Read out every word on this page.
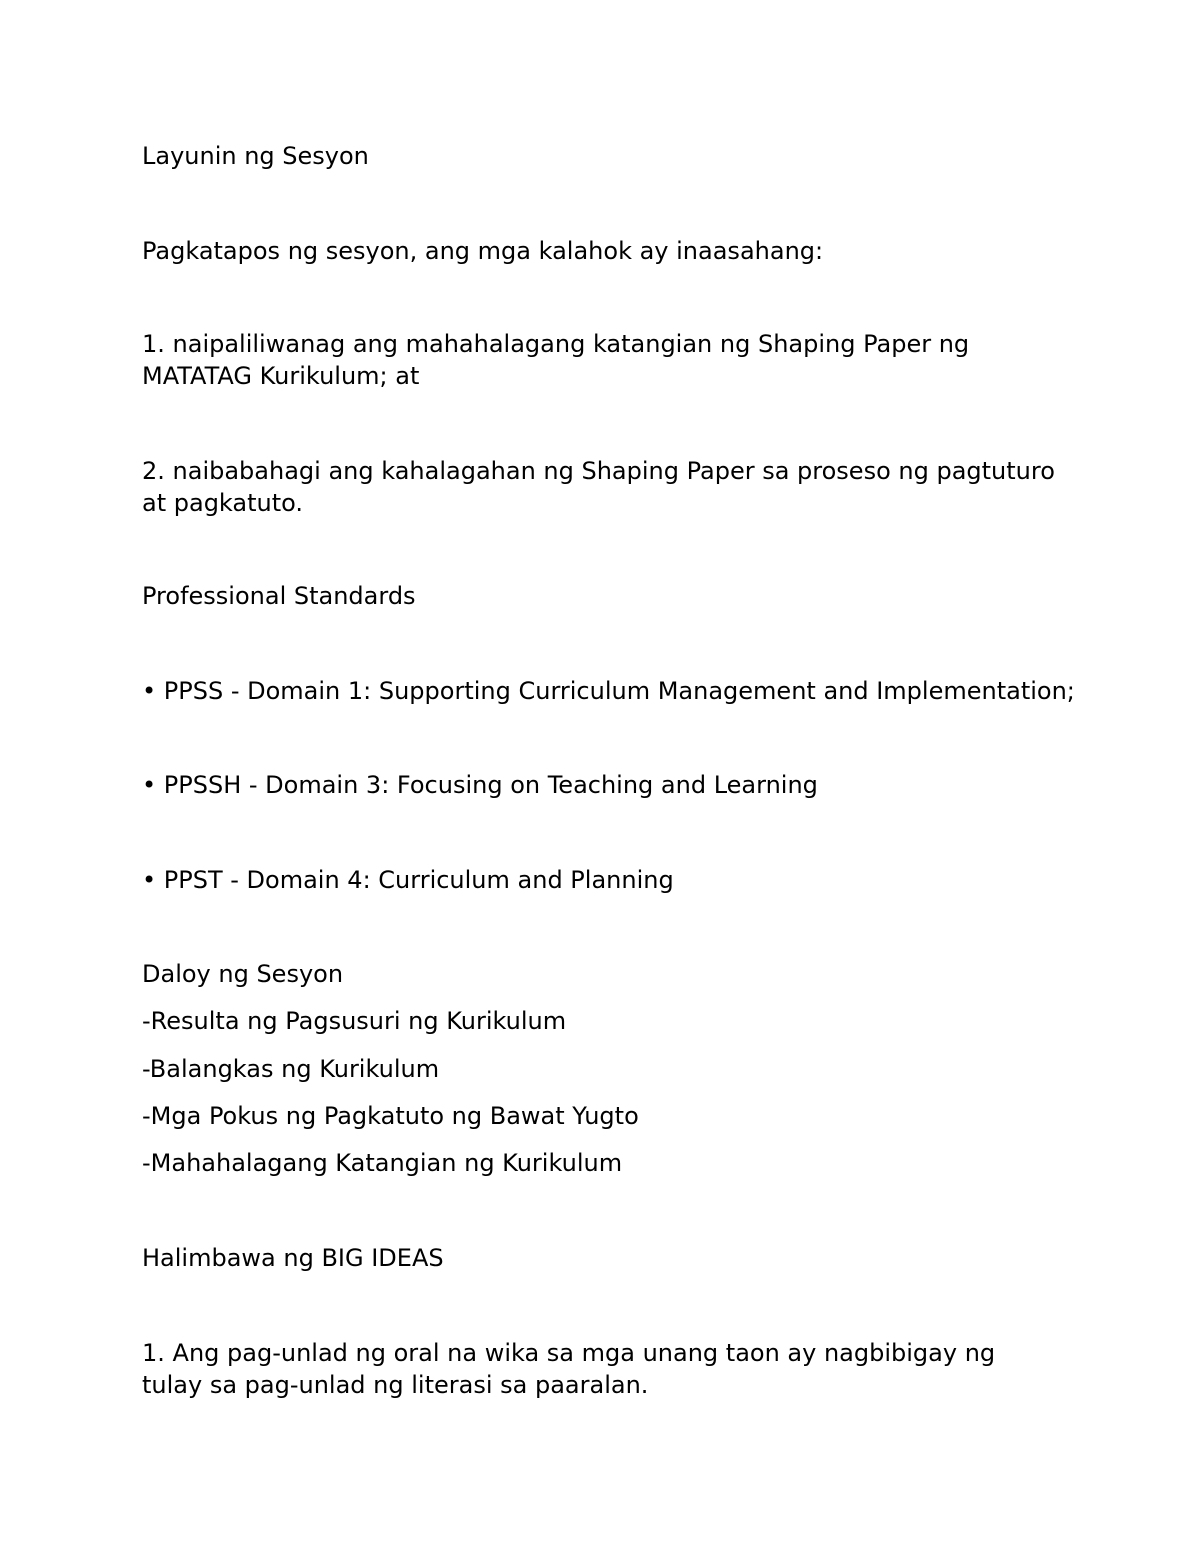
Layunin ng Sesyon

Pagkatapos ng sesyon, ang mga kalahok ay inaasahang:

1. naipaliliwanag ang mahahalagang katangian ng Shaping Paper ng MATATAG Kurikulum; at

2. naibabahagi ang kahalagahan ng Shaping Paper sa proseso ng pagtuturo at pagkatuto.

Professional Standards

• PPSS - Domain 1: Supporting Curriculum Management and Implementation;

• PPSSH - Domain 3: Focusing on Teaching and Learning

• PPST - Domain 4: Curriculum and Planning

Daloy ng Sesyon

-Resulta ng Pagsusuri ng Kurikulum

-Balangkas ng Kurikulum

-Mga Pokus ng Pagkatuto ng Bawat Yugto

-Mahahalagang Katangian ng Kurikulum

Halimbawa ng BIG IDEAS

1. Ang pag-unlad ng oral na wika sa mga unang taon ay nagbibigay ng tulay sa pag-unlad ng literasi sa paaralan.
